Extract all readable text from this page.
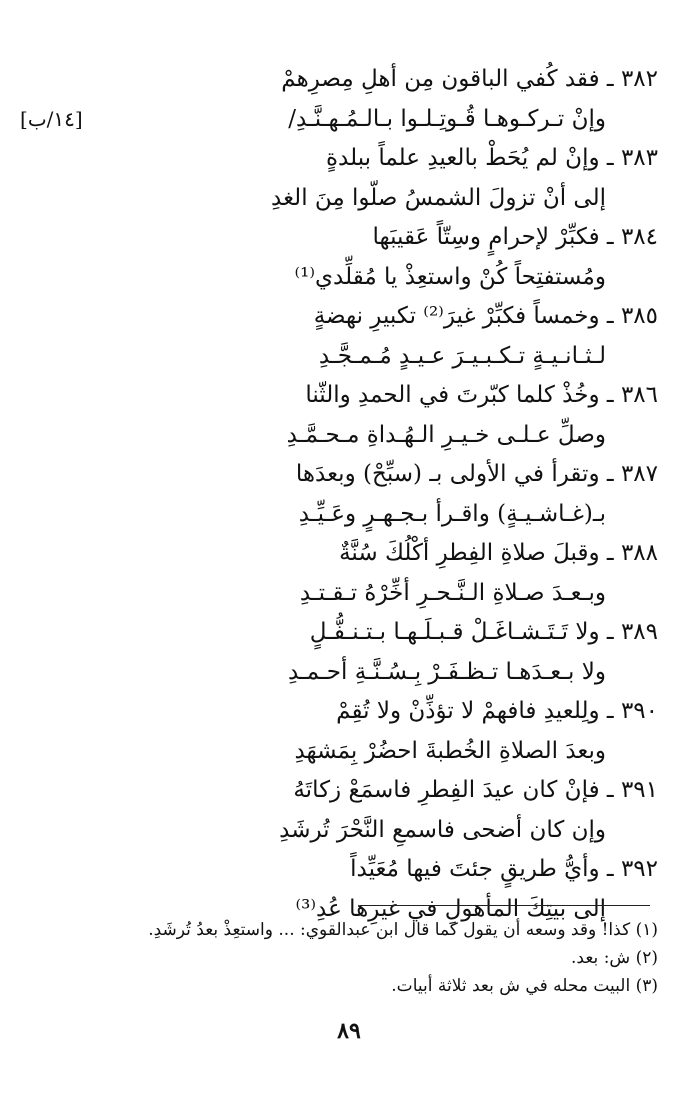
٣٨٢ ـ فقد كُفي الباقون مِن أهلِ مِصرِهمْ
وإنْ تـركـوهـا قُـوتِـلـوا بـالـمُـهـنَّـدِ/
[١٤/ب]
٣٨٣ ـ وإنْ لم يُحَطْ بالعيدِ علماً ببلدةٍ
إلى أنْ تزولَ الشمسُ صلّوا مِنَ الغدِ
٣٨٤ ـ فكبِّرْ لإحرامٍ وسِتّاً عَقيبَها
ومُستفتِحاً كُنْ واستعِذْ يا مُقلِّدي⁽¹⁾
٣٨٥ ـ وخمساً فكبِّرْ غيرَ⁽²⁾ تكبيرِ نهضةٍ
لـثـانـيـةٍ تـكـبـيـرَ عـيـدٍ مُـمـجَّـدِ
٣٨٦ ـ وخُذْ كلما كبّرتَ في الحمدِ والثّنا
وصلِّ عـلـى خـيـرِ الـهُـداةِ مـحـمَّـدِ
٣٨٧ ـ وتقرأ في الأولى بـ (سبِّحْ) وبعدَها
بـ(غـاشـيـةٍ) واقـرأ بـجـهـرٍ وعَـيِّـدِ
٣٨٨ ـ وقبلَ صلاةِ الفِطرِ أكْلُكَ سُنَّةٌ
وبـعـدَ صـلاةِ الـنَّـحـرِ أخِّرْهُ تـقـتـدِ
٣٨٩ ـ ولا تَـتَـشـاغَـلْ قـبـلَـهـا بـتـنـفُّـلٍ
ولا بـعـدَهـا تـظـفَـرْ بِـسُـنَّـةِ أحـمـدِ
٣٩٠ ـ ولِلعيدِ فافهمْ لا تؤذِّنْ ولا تُقِمْ
وبعدَ الصلاةِ الخُطبةَ احضُرْ بِمَشهَدِ
٣٩١ ـ فإنْ كان عيدَ الفِطرِ فاسمَعْ زكاتَهُ
وإن كان أضحى فاسمعِ النَّحْرَ تُرشَدِ
٣٩٢ ـ وأيُّ طريقٍ جئتَ فيها مُعَيِّداً
إلى بيتِكَ المأهولِ في غيرِها عُدِ⁽³⁾
(١) كذا! وقد وسعه أن يقول كما قال ابن عبدالقوي: ... واستعِذْ بعدُ تُرشَدِ.
(٢) ش: بعد.
(٣) البيت محله في ش بعد ثلاثة أبيات.
٨٩
